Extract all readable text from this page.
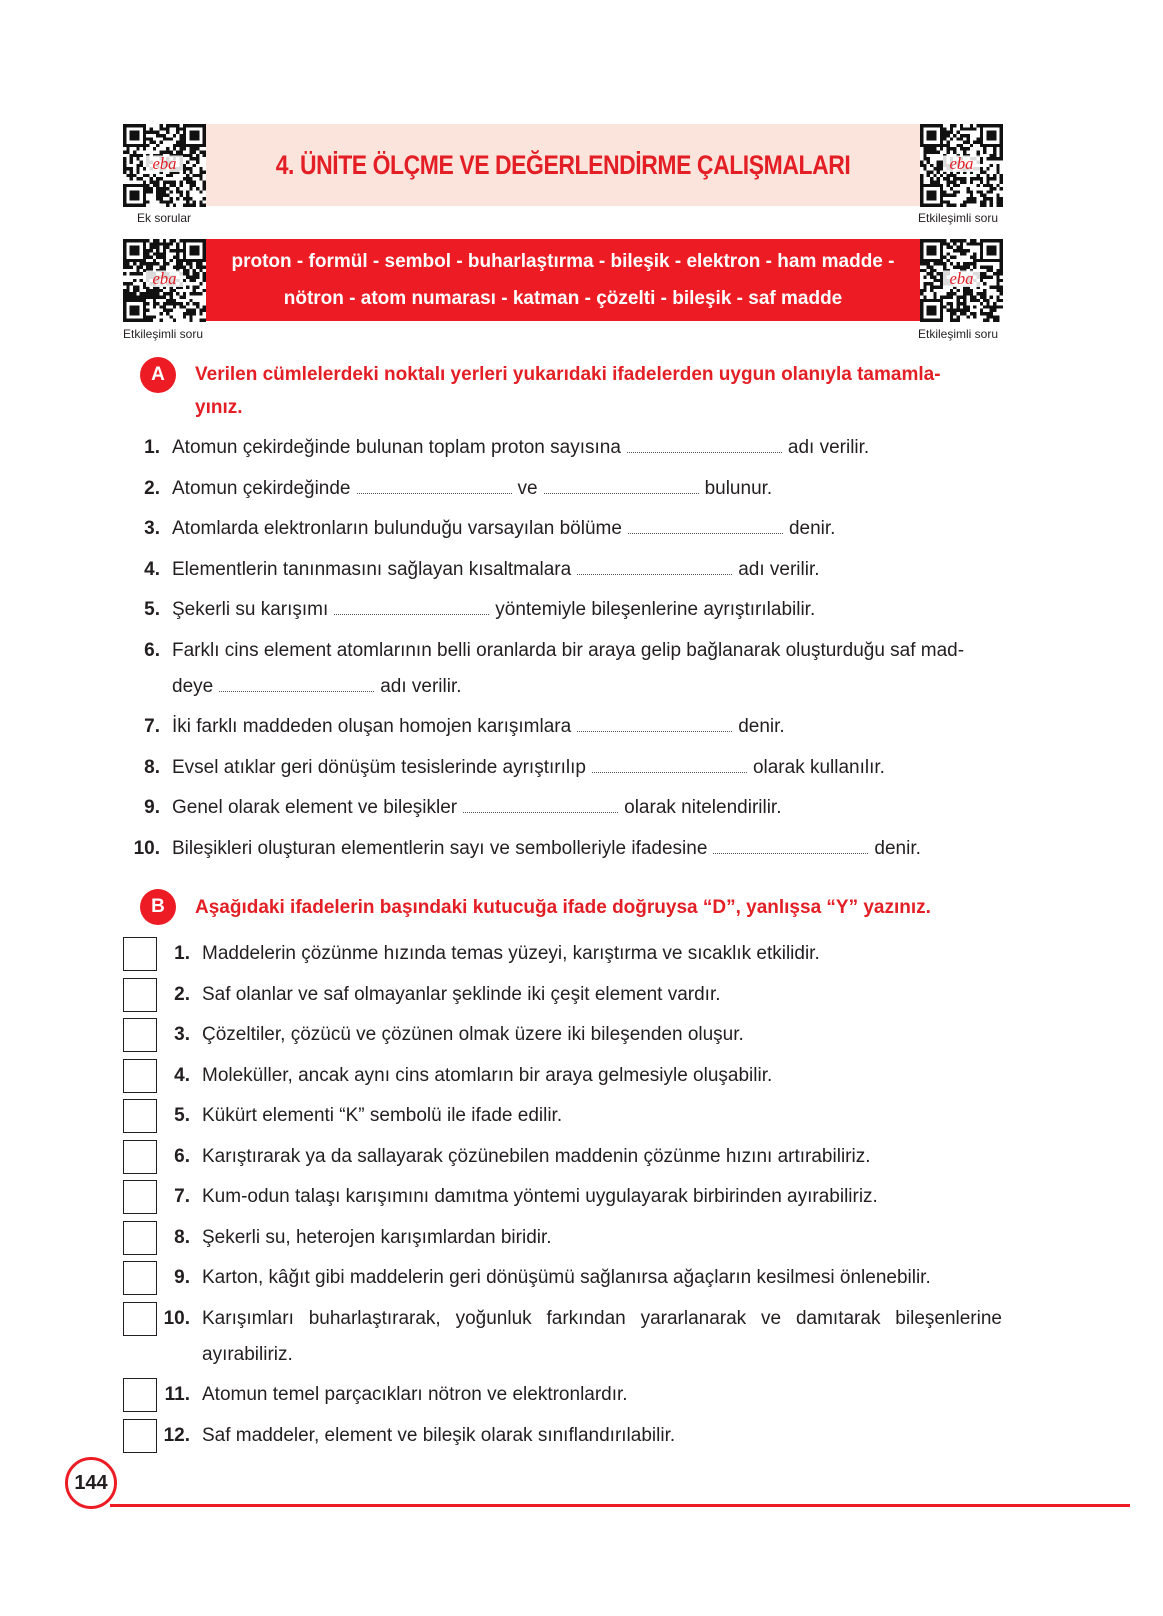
eba	eba
eba	eba
Ek sorular	Etkileşimli soru
Etkileşimli soru	Etkileşimli soru
4. ÜNİTE ÖLÇME VE DEĞERLENDİRME ÇALIŞMALARI
proton - formül - sembol - buharlaştırma - bileşik - elektron - ham madde -
nötron - atom numarası - katman - çözelti - bileşik - saf madde
A	Verilen cümlelerdeki noktalı yerleri yukarıdaki ifadelerden uygun olanıyla tamamla-
yınız.
1. Atomun çekirdeğinde bulunan toplam proton sayısına	adı verilir.
2. Atomun çekirdeğinde	ve	bulunur.
3. Atomlarda elektronların bulunduğu varsayılan bölüme	denir.
4. Elementlerin tanınmasını sağlayan kısaltmalara	adı verilir.
5. Şekerli su karışımı	yöntemiyle bileşenlerine ayrıştırılabilir.
6. Farklı cins element atomlarının belli oranlarda bir araya gelip bağlanarak oluşturduğu saf mad-
deye	adı verilir.
7. İki farklı maddeden oluşan homojen karışımlara	denir.
8. Evsel atıklar geri dönüşüm tesislerinde ayrıştırılıp	olarak kullanılır.
9. Genel olarak element ve bileşikler	olarak nitelendirilir.
10. Bileşikleri oluşturan elementlerin sayı ve sembolleriyle ifadesine	denir.
B	Aşağıdaki ifadelerin başındaki kutucuğa ifade doğruysa “D”, yanlışsa “Y” yazınız.
1. Maddelerin çözünme hızında temas yüzeyi, karıştırma ve sıcaklık etkilidir.
2. Saf olanlar ve saf olmayanlar şeklinde iki çeşit element vardır.
3. Çözeltiler, çözücü ve çözünen olmak üzere iki bileşenden oluşur.
4. Moleküller, ancak aynı cins atomların bir araya gelmesiyle oluşabilir.
5. Kükürt elementi “K” sembolü ile ifade edilir.
6. Karıştırarak ya da sallayarak çözünebilen maddenin çözünme hızını artırabiliriz.
7. Kum-odun talaşı karışımını damıtma yöntemi uygulayarak birbirinden ayırabiliriz.
8. Şekerli su, heterojen karışımlardan biridir.
9. Karton, kâğıt gibi maddelerin geri dönüşümü sağlanırsa ağaçların kesilmesi önlenebilir.
10. Karışımları buharlaştırarak, yoğunluk farkından yararlanarak ve damıtarak bileşenlerine
ayırabiliriz.
11. Atomun temel parçacıkları nötron ve elektronlardır.
12. Saf maddeler, element ve bileşik olarak sınıflandırılabilir.
144
